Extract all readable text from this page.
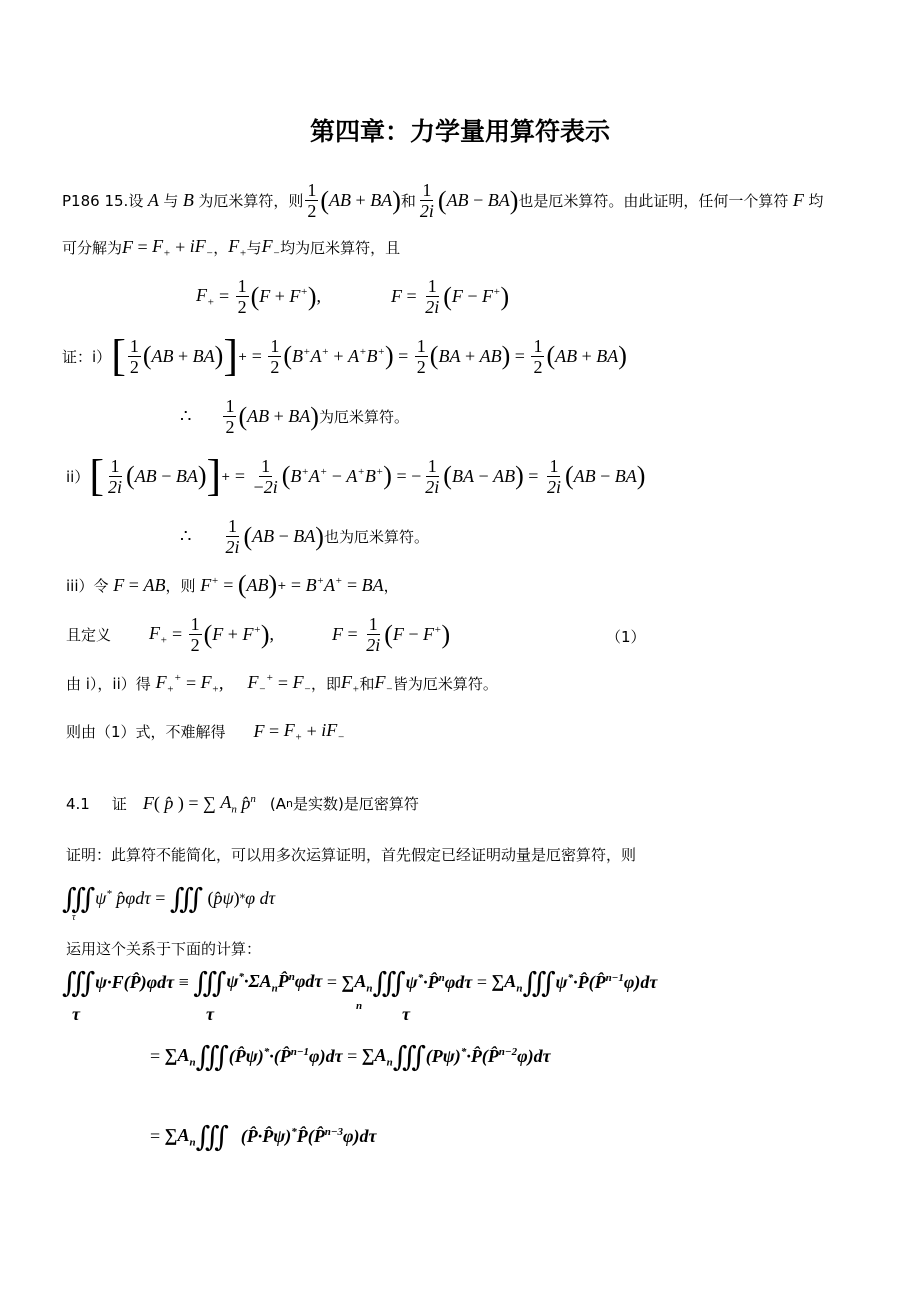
第四章：力学量用算符表示
P186 15. 设 A 与 B 为厄米算符，则 $\frac{1}{2}$ ( AB + BA ) 和 $\frac{1}{2i}$ ( AB − BA ) 也是厄米算符。由此证明，任何一个算符 F 均
可分解为 $F = F_+ + iF_-$ ， $F_+$ 与 $F_-$ 均为厄米算符，且
$F_+ = \frac{1}{2}$ ( F + F+ ) ,	$F = \frac{1}{2i}$ ( F − F+ )
证： i） [ $\frac{1}{2}$ ( AB + BA ) ] + = $\frac{1}{2}$ ( B+A+ + A+B+ ) = $\frac{1}{2}$ ( BA + AB ) = $\frac{1}{2}$ ( AB + BA )
∴ $\frac{1}{2}$ ( AB + BA ) 为厄米算符。
ii） [ $\frac{1}{2i}$ ( AB − BA ) ] + = $\frac{1}{-2i}$ ( B+A+ − A+B+ ) = − $\frac{1}{2i}$ ( BA − AB ) = $\frac{1}{2i}$ ( AB − BA )
∴ $\frac{1}{2i}$ ( AB − BA ) 也为厄米算符。
iii）令
F = AB ，则
F+ = ( AB ) + = B+A+ = BA ，
且定义 $F_+ = \frac{1}{2}$ ( F + F+ ) ,	$F = \frac{1}{2i}$ ( F − F+ )	（1）
由 i），ii）得
$F_+^+ = F_+$ , $F_-^+ = F_-$ ，即 $F_+$ 和 $F_-$ 皆为厄米算符。
则由（1）式，不难解得 $F = F_+ + iF_-$
4.1 证 F ( p̂ ) = ∑ $A_n$ p̂$^n$ (A n 是实数)是厄密算符
证明：此算符不能简化，可以用多次运算证明，首先假定已经证明动量是厄密算符，则
∭ ψ* p̂φdτ = ∭ ( p̂ψ ) * φ dτ
τ
运用这个关系于下面的计算：
∭ ψ·F(P̂)φdτ ≡ ∭ $\psi^*\cdot\Sigma A_nP̂^n\varphi d\tau$ = ∑ $A_n$ ∭ ψ*·P̂$^n$φdτ = $\sum A_n$ ∭ ψ*·P̂(P̂$^{n-1}$φ)dτ
τ	τ	n τ
= $\sum A_n$ ∭ (P̂ψ)*·(P̂$^{n-1}$φ)dτ = $\sum A_n$ ∭ (Pψ)*·P̂(P̂$^{n-2}$φ)dτ
= $\sum A_n$ ∭ (P̂·P̂ψ)*P̂(P̂$^{n-3}$φ)dτ
